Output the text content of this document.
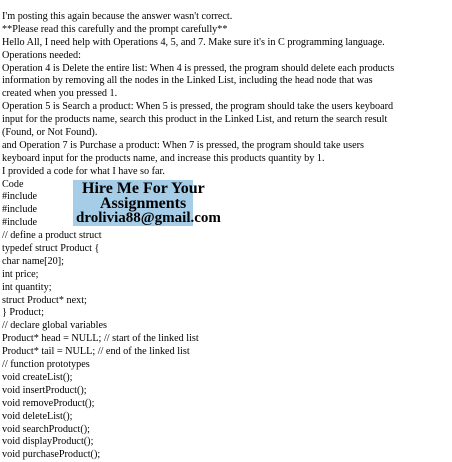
I'm posting this again because the answer wasn't correct.
**Please read this carefully and the prompt carefully**
Hello All, I need help with Operations 4, 5, and 7. Make sure it's in C programming language.
Operations needed:
Operation 4 is Delete the entire list: When 4 is pressed, the program should delete each products
information by removing all the nodes in the Linked List, including the head node that was
created when you pressed 1.
Operation 5 is Search a product: When 5 is pressed, the program should take the users keyboard
input for the products name, search this product in the Linked List, and return the search result
(Found, or Not Found).
and Operation 7 is Purchase a product: When 7 is pressed, the program should take users
keyboard input for the products name, and increase this products quantity by 1.
I provided a code for what I have so far.
Code
#include
#include
#include
// define a product struct
typedef struct Product {
char name[20];
int price;
int quantity;
struct Product* next;
} Product;
// declare global variables
Product* head = NULL; // start of the linked list
Product* tail = NULL; // end of the linked list
// function prototypes
void createList();
void insertProduct();
void removeProduct();
void deleteList();
void searchProduct();
void displayProduct();
void purchaseProduct();
Hire Me For Your
Assignments
drolivia88@gmail.com
